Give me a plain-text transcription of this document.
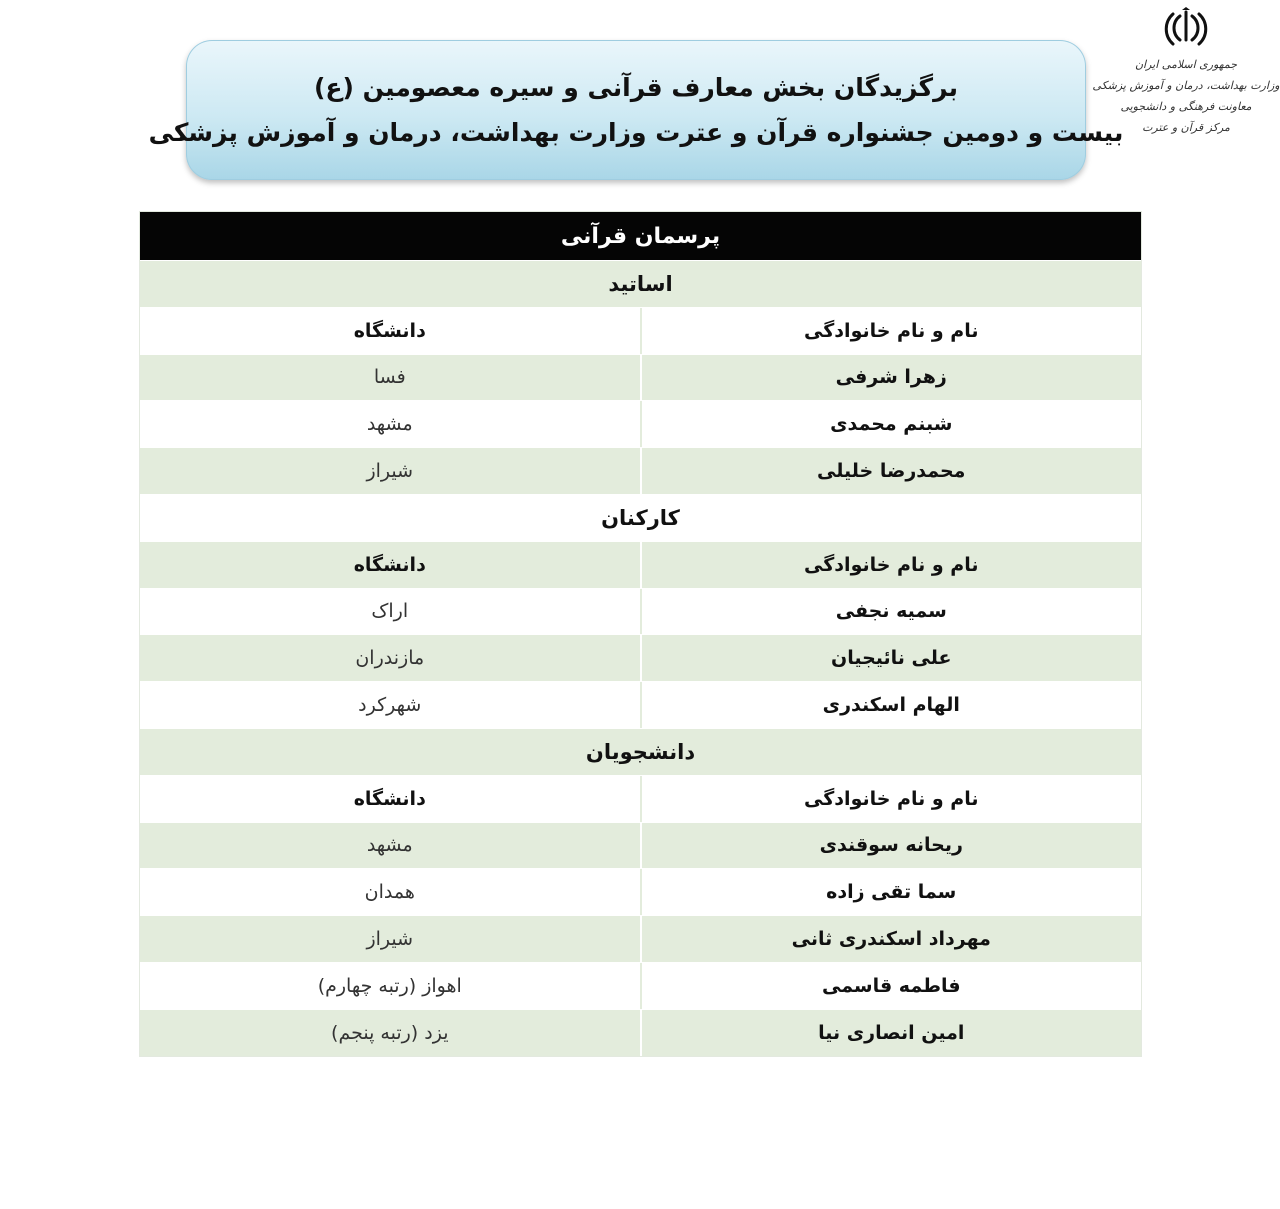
جمهوری اسلامی ایران
وزارت بهداشت، درمان و آموزش پزشکی
معاونت فرهنگی و دانشجویی
مرکز قرآن و عترت
برگزیدگان بخش معارف قرآنی و سیره معصومین (ع)
بیست و دومین جشنواره قرآن و عترت وزارت بهداشت، درمان و آموزش پزشکی
پرسمان قرآنی
اساتید
نام و نام خانوادگی
دانشگاه
زهرا شرفی
فسا
شبنم محمدی
مشهد
محمدرضا خلیلی
شیراز
کارکنان
نام و نام خانوادگی
دانشگاه
سمیه نجفی
اراک
علی نائیجیان
مازندران
الهام اسکندری
شهرکرد
دانشجویان
نام و نام خانوادگی
دانشگاه
ریحانه سوقندی
مشهد
سما تقی زاده
همدان
مهرداد اسکندری ثانی
شیراز
فاطمه قاسمی
اهواز (رتبه چهارم)
امین انصاری نیا
یزد (رتبه پنجم)
